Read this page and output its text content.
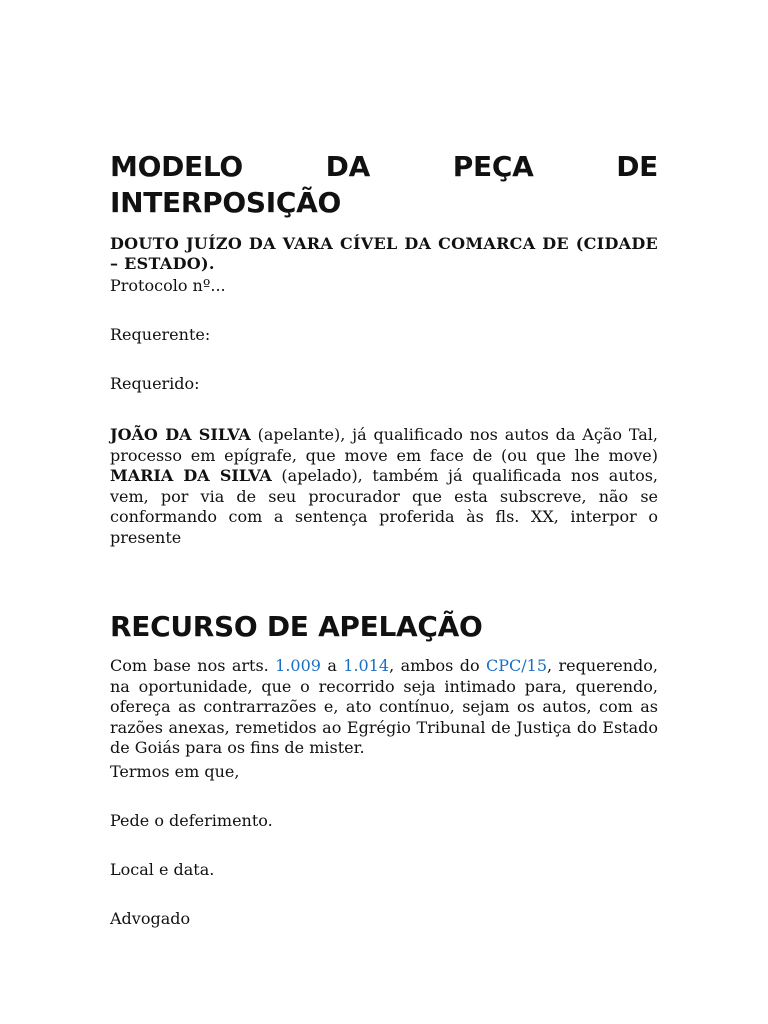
MODELO	DA	PEÇA	DE
INTERPOSIÇÃO
DOUTO JUÍZO DA VARA CÍVEL DA COMARCA DE (CIDADE – ESTADO).
Protocolo nº...
Requerente:
Requerido:
JOÃO DA SILVA (apelante), já qualificado nos autos da Ação Tal, processo em epígrafe, que move em face de (ou que lhe move) MARIA DA SILVA (apelado), também já qualificada nos autos, vem, por via de seu procurador que esta subscreve, não se conformando com a sentença proferida às fls. XX, interpor o presente
RECURSO DE APELAÇÃO
Com base nos arts. 1.009 a 1.014, ambos do CPC/15, requerendo, na oportunidade, que o recorrido seja intimado para, querendo, ofereça as contrarrazões e, ato contínuo, sejam os autos, com as razões anexas, remetidos ao Egrégio Tribunal de Justiça do Estado de Goiás para os fins de mister.
Termos em que,
Pede o deferimento.
Local e data.
Advogado
